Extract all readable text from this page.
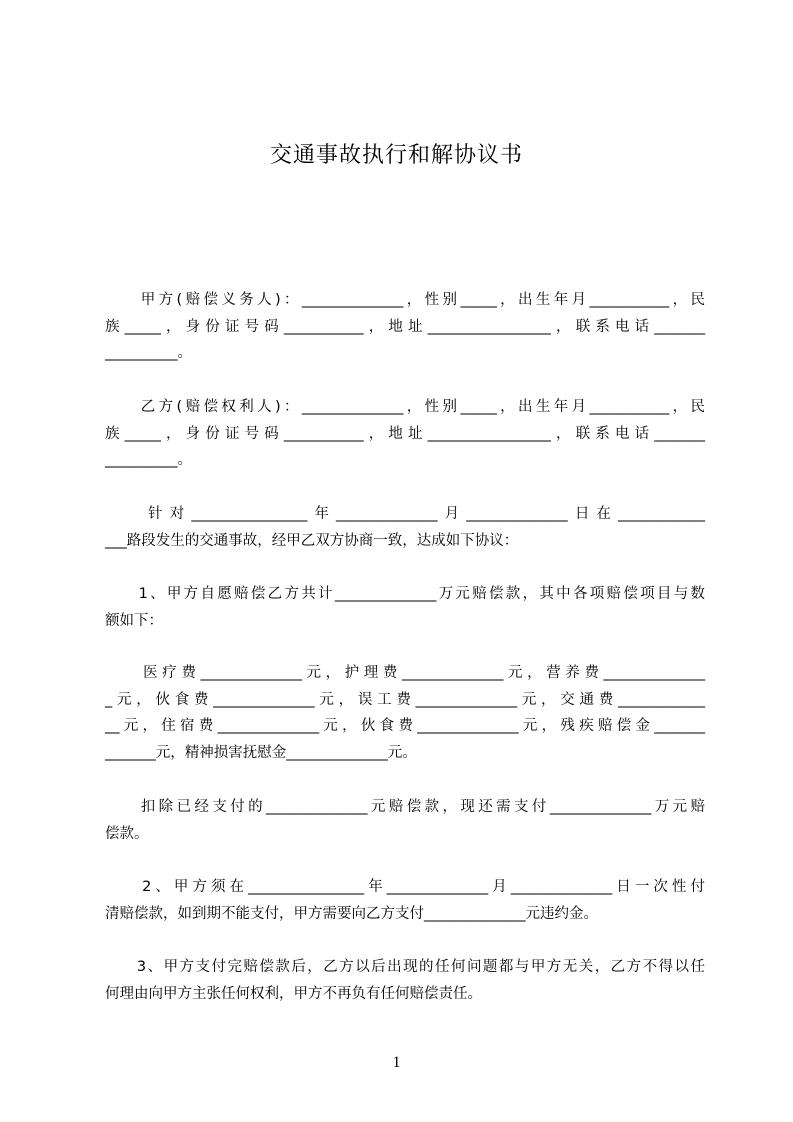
交通事故执行和解协议书
　　甲方(赔偿义务人)：______________，性别_____，出生年月___________，民
族_____，身份证号码___________，地址_________________，联系电话_______
__________。
　　乙方(赔偿权利人)：______________，性别_____，出生年月___________，民
族_____，身份证号码___________，地址_________________，联系电话_______
__________。
　　针对________________年______________月______________日在____________
___路段发生的交通事故，经甲乙双方协商一致，达成如下协议：
　　1、甲方自愿赔偿乙方共计______________万元赔偿款，其中各项赔偿项目与数
额如下：
　　医疗费______________元，护理费______________元，营养费______________
_元，伙食费______________元，误工费______________元，交通费____________
__元，住宿费______________元，伙食费______________元，残疾赔偿金_______
_______元，精神损害抚慰金______________元。
　　扣除已经支付的______________元赔偿款，现还需支付______________万元赔
偿款。
　　2、甲方须在________________年______________月______________日一次性付
清赔偿款，如到期不能支付，甲方需要向乙方支付______________元违约金。
　　3、甲方支付完赔偿款后，乙方以后出现的任何问题都与甲方无关，乙方不得以任
何理由向甲方主张任何权利，甲方不再负有任何赔偿责任。
1
